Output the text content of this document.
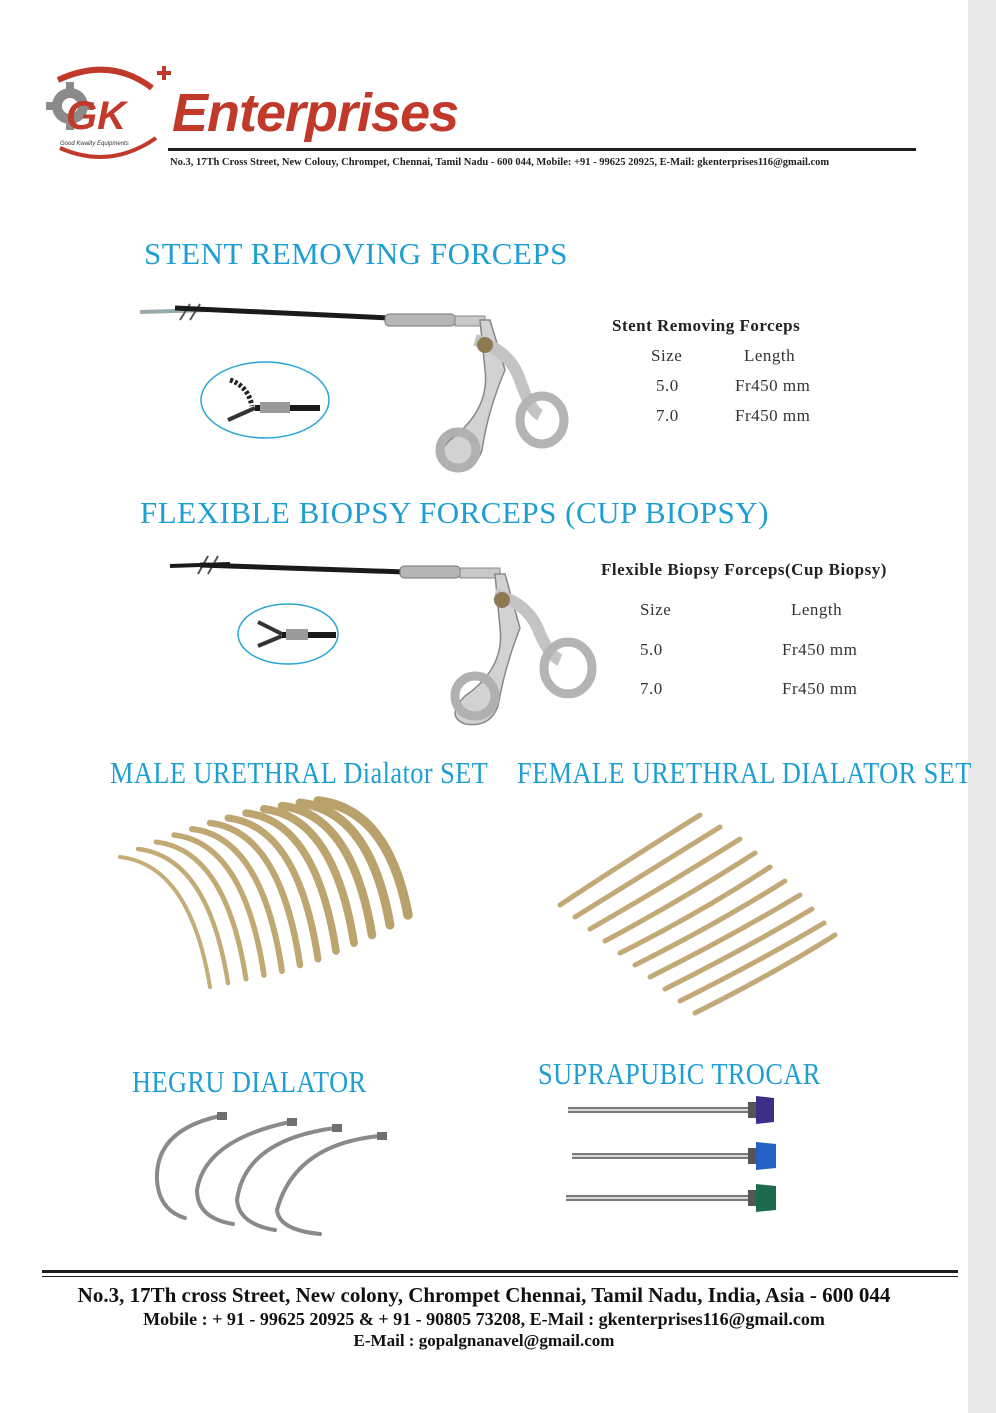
GK
Good Kwality Equipments
Enterprises
No.3, 17Th Cross Street, New Colouy, Chrompet, Chennai, Tamil Nadu - 600 044, Mobile: +91 - 99625 20925, E-Mail: gkenterprises116@gmail.com
STENT REMOVING FORCEPS
Stent Removing Forceps
Size	Length
5.0	Fr450 mm
7.0	Fr450 mm
FLEXIBLE BIOPSY FORCEPS (CUP BIOPSY)
Flexible Biopsy Forceps(Cup Biopsy)
Size	Length
5.0	Fr450 mm
7.0	Fr450 mm
MALE URETHRAL Dialator SET FEMALE URETHRAL DIALATOR SET
HEGRU DIALATOR	SUPRAPUBIC TROCAR
No.3, 17Th cross Street, New colony, Chrompet Chennai, Tamil Nadu, India, Asia - 600 044
Mobile : + 91 - 99625 20925 & + 91 - 90805 73208, E-Mail : gkenterprises116@gmail.com
E-Mail : gopalgnanavel@gmail.com
